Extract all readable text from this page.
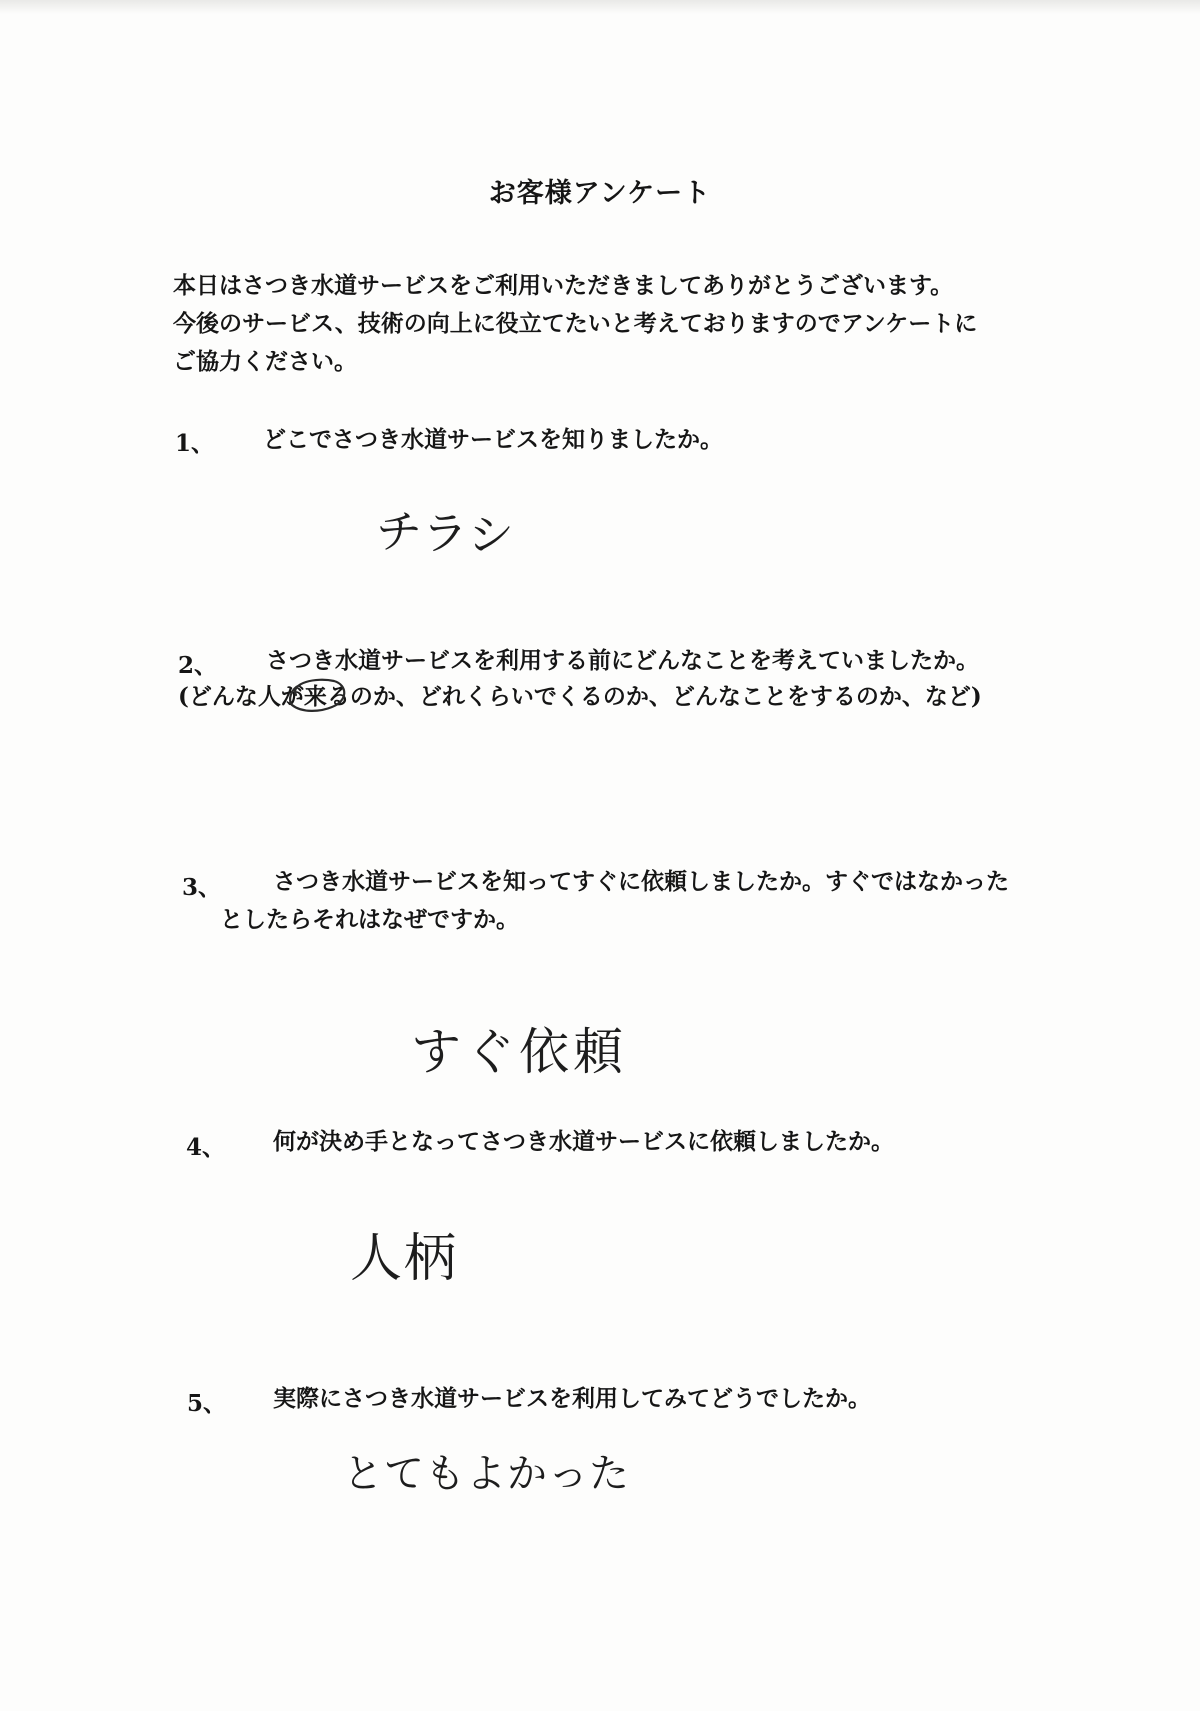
お客様アンケート
本日はさつき水道サービスをご利用いただきましてありがとうございます。
今後のサービス、技術の向上に役立てたいと考えておりますのでアンケートに
ご協力ください。
1、 どこでさつき水道サービスを知りましたか。
チラシ
2、 さつき水道サービスを利用する前にどんなことを考えていましたか。
(どんな人が来るのか、どれくらいでくるのか、どんなことをするのか、など)
3、 さつき水道サービスを知ってすぐに依頼しましたか。すぐではなかった
としたらそれはなぜですか。
すぐ依頼
4、 何が決め手となってさつき水道サービスに依頼しましたか。
人柄
5、 実際にさつき水道サービスを利用してみてどうでしたか。
とてもよかった
